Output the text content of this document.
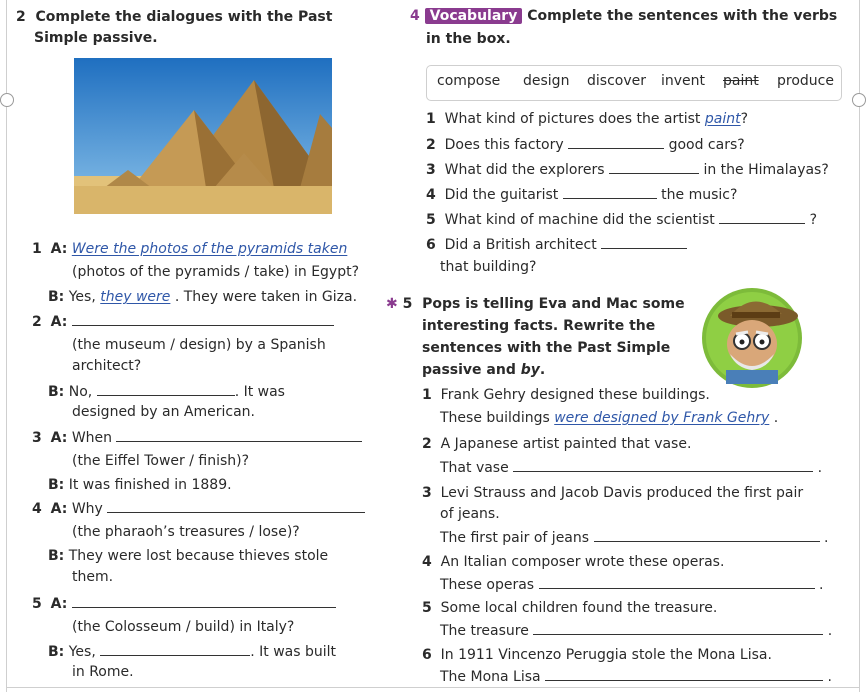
2 Complete the dialogues with the Past
Simple passive.
1 A: Were the photos of the pyramids taken
(photos of the pyramids / take) in Egypt?
B: Yes, they were . They were taken in Giza.
2 A:
(the museum / design) by a Spanish
architect?
B: No,	. It was
designed by an American.
3 A: When
(the Eiffel Tower / finish)?
B: It was finished in 1889.
4 A: Why
(the pharaoh’s treasures / lose)?
B: They were lost because thieves stole
them.
5 A:
(the Colosseum / build) in Italy?
B: Yes,	. It was built
in Rome.
4 Vocabulary Complete the sentences with the verbs
in the box.
compose design discover invent paint produce
1 What kind of pictures does the artist paint?
2 Does this factory	good cars?
3 What did the explorers	in the Himalayas?
4 Did the guitarist	the music?
5 What kind of machine did the scientist	?
6 Did a British architect
that building?
✱ 5 Pops is telling Eva and Mac some
interesting facts. Rewrite the
sentences with the Past Simple
passive and by.
1 Frank Gehry designed these buildings.
These buildings were designed by Frank Gehry .
2 A Japanese artist painted that vase.
That vase	.
3 Levi Strauss and Jacob Davis produced the first pair
of jeans.
The first pair of jeans	.
4 An Italian composer wrote these operas.
These operas	.
5 Some local children found the treasure.
The treasure	.
6 In 1911 Vincenzo Peruggia stole the Mona Lisa.
The Mona Lisa	.
